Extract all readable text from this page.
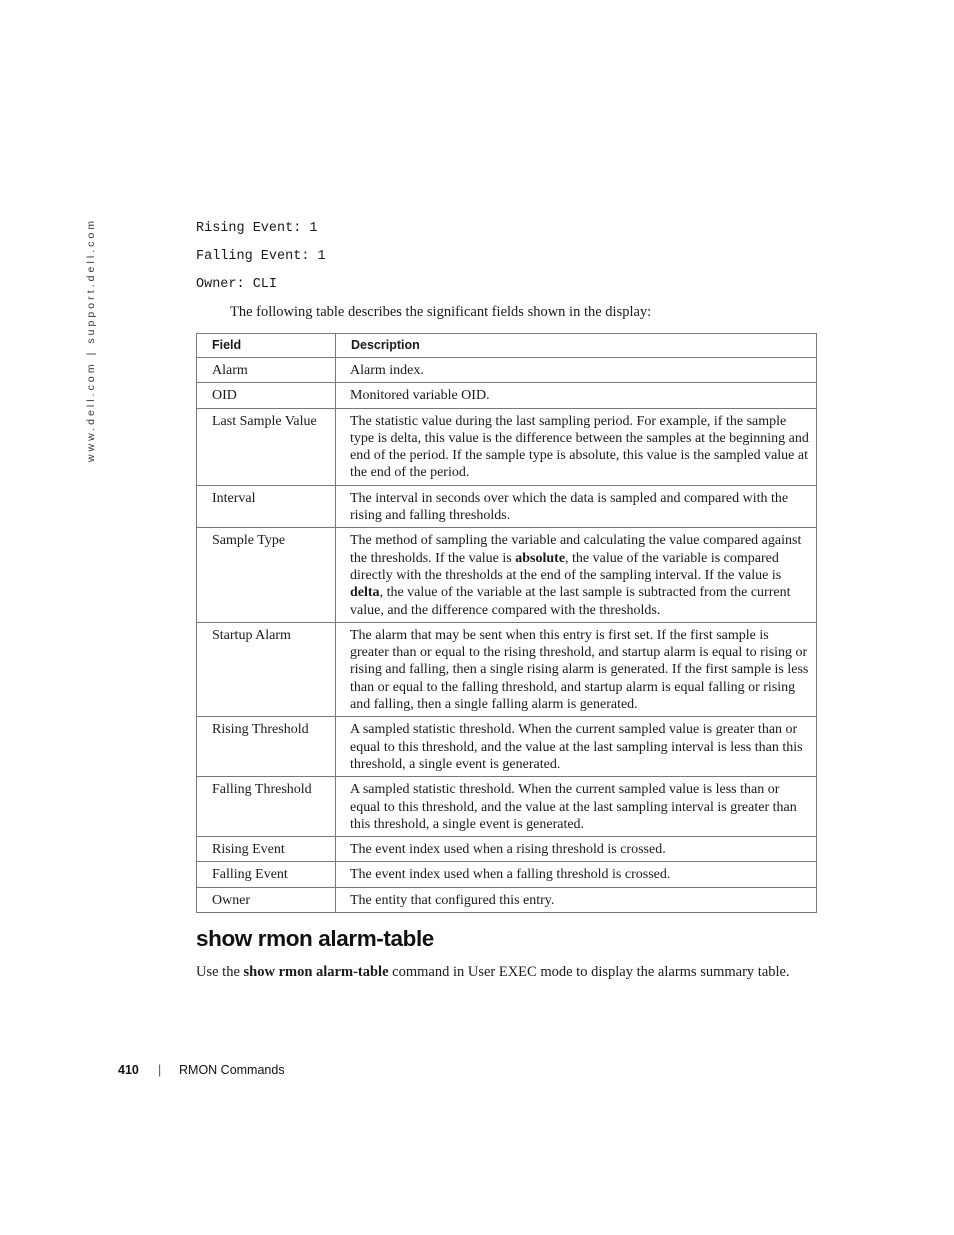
www.dell.com | support.dell.com	Rising Event: 1

Falling Event: 1

Owner: CLI

The following table describes the significant fields shown in the display:

Field	Description
Alarm	Alarm index.
OID	Monitored variable OID.
Last Sample Value	The statistic value during the last sampling period. For example, if the sample type is delta, this value is the difference between the samples at the beginning and end of the period. If the sample type is absolute, this value is the sampled value at the end of the period.
Interval	The interval in seconds over which the data is sampled and compared with the rising and falling thresholds.
Sample Type	The method of sampling the variable and calculating the value compared against the thresholds. If the value is absolute, the value of the variable is compared directly with the thresholds at the end of the sampling interval. If the value is delta, the value of the variable at the last sample is subtracted from the current value, and the difference compared with the thresholds.
Startup Alarm	The alarm that may be sent when this entry is first set. If the first sample is greater than or equal to the rising threshold, and startup alarm is equal to rising or rising and falling, then a single rising alarm is generated. If the first sample is less than or equal to the falling threshold, and startup alarm is equal falling or rising and falling, then a single falling alarm is generated.
Rising Threshold	A sampled statistic threshold. When the current sampled value is greater than or equal to this threshold, and the value at the last sampling interval is less than this threshold, a single event is generated.
Falling Threshold	A sampled statistic threshold. When the current sampled value is less than or equal to this threshold, and the value at the last sampling interval is greater than this threshold, a single event is generated.
Rising Event	The event index used when a rising threshold is crossed.
Falling Event	The event index used when a falling threshold is crossed.
Owner	The entity that configured this entry.
show rmon alarm-table

Use the show rmon alarm-table command in User EXEC mode to display the alarms summary table.

410 | RMON Commands
